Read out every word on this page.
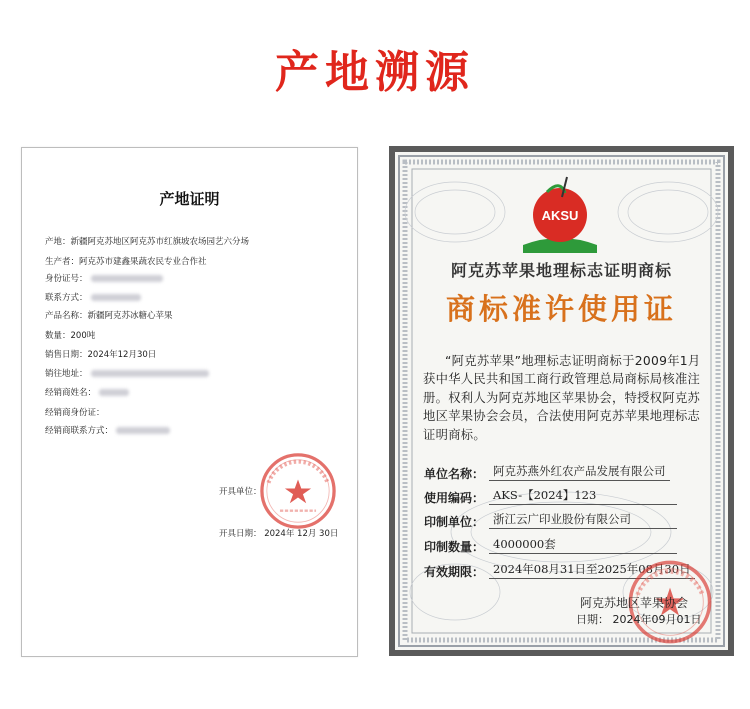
产地溯源
产地证明
产地：新疆阿克苏地区阿克苏市红旗坡农场园艺六分场
生产者：阿克苏市建鑫果蔬农民专业合作社
身份证号：
联系方式：
产品名称：新疆阿克苏冰糖心苹果
数量：200吨
销售日期：2024年12月30日
销往地址：
经销商姓名：
经销商身份证：
经销商联系方式：
开具单位：
开具日期： 2024年 12月 30日
AKSU
阿克苏苹果地理标志证明商标
商标准许使用证
“阿克苏苹果”地理标志证明商标于2009年1月获中华人民共和国工商行政管理总局商标局核准注册。权利人为阿克苏地区苹果协会，特授权阿克苏地区苹果协会会员，合法使用阿克苏苹果地理标志证明商标。
单位名称： 阿克苏燕外红农产品发展有限公司
使用编码： AKS-【2024】123
印制单位： 浙江云广印业股份有限公司
印制数量： 4000000套
有效期限： 2024年08月31日至2025年08月30日
阿克苏地区苹果协会
日期： 2024年09月01日
